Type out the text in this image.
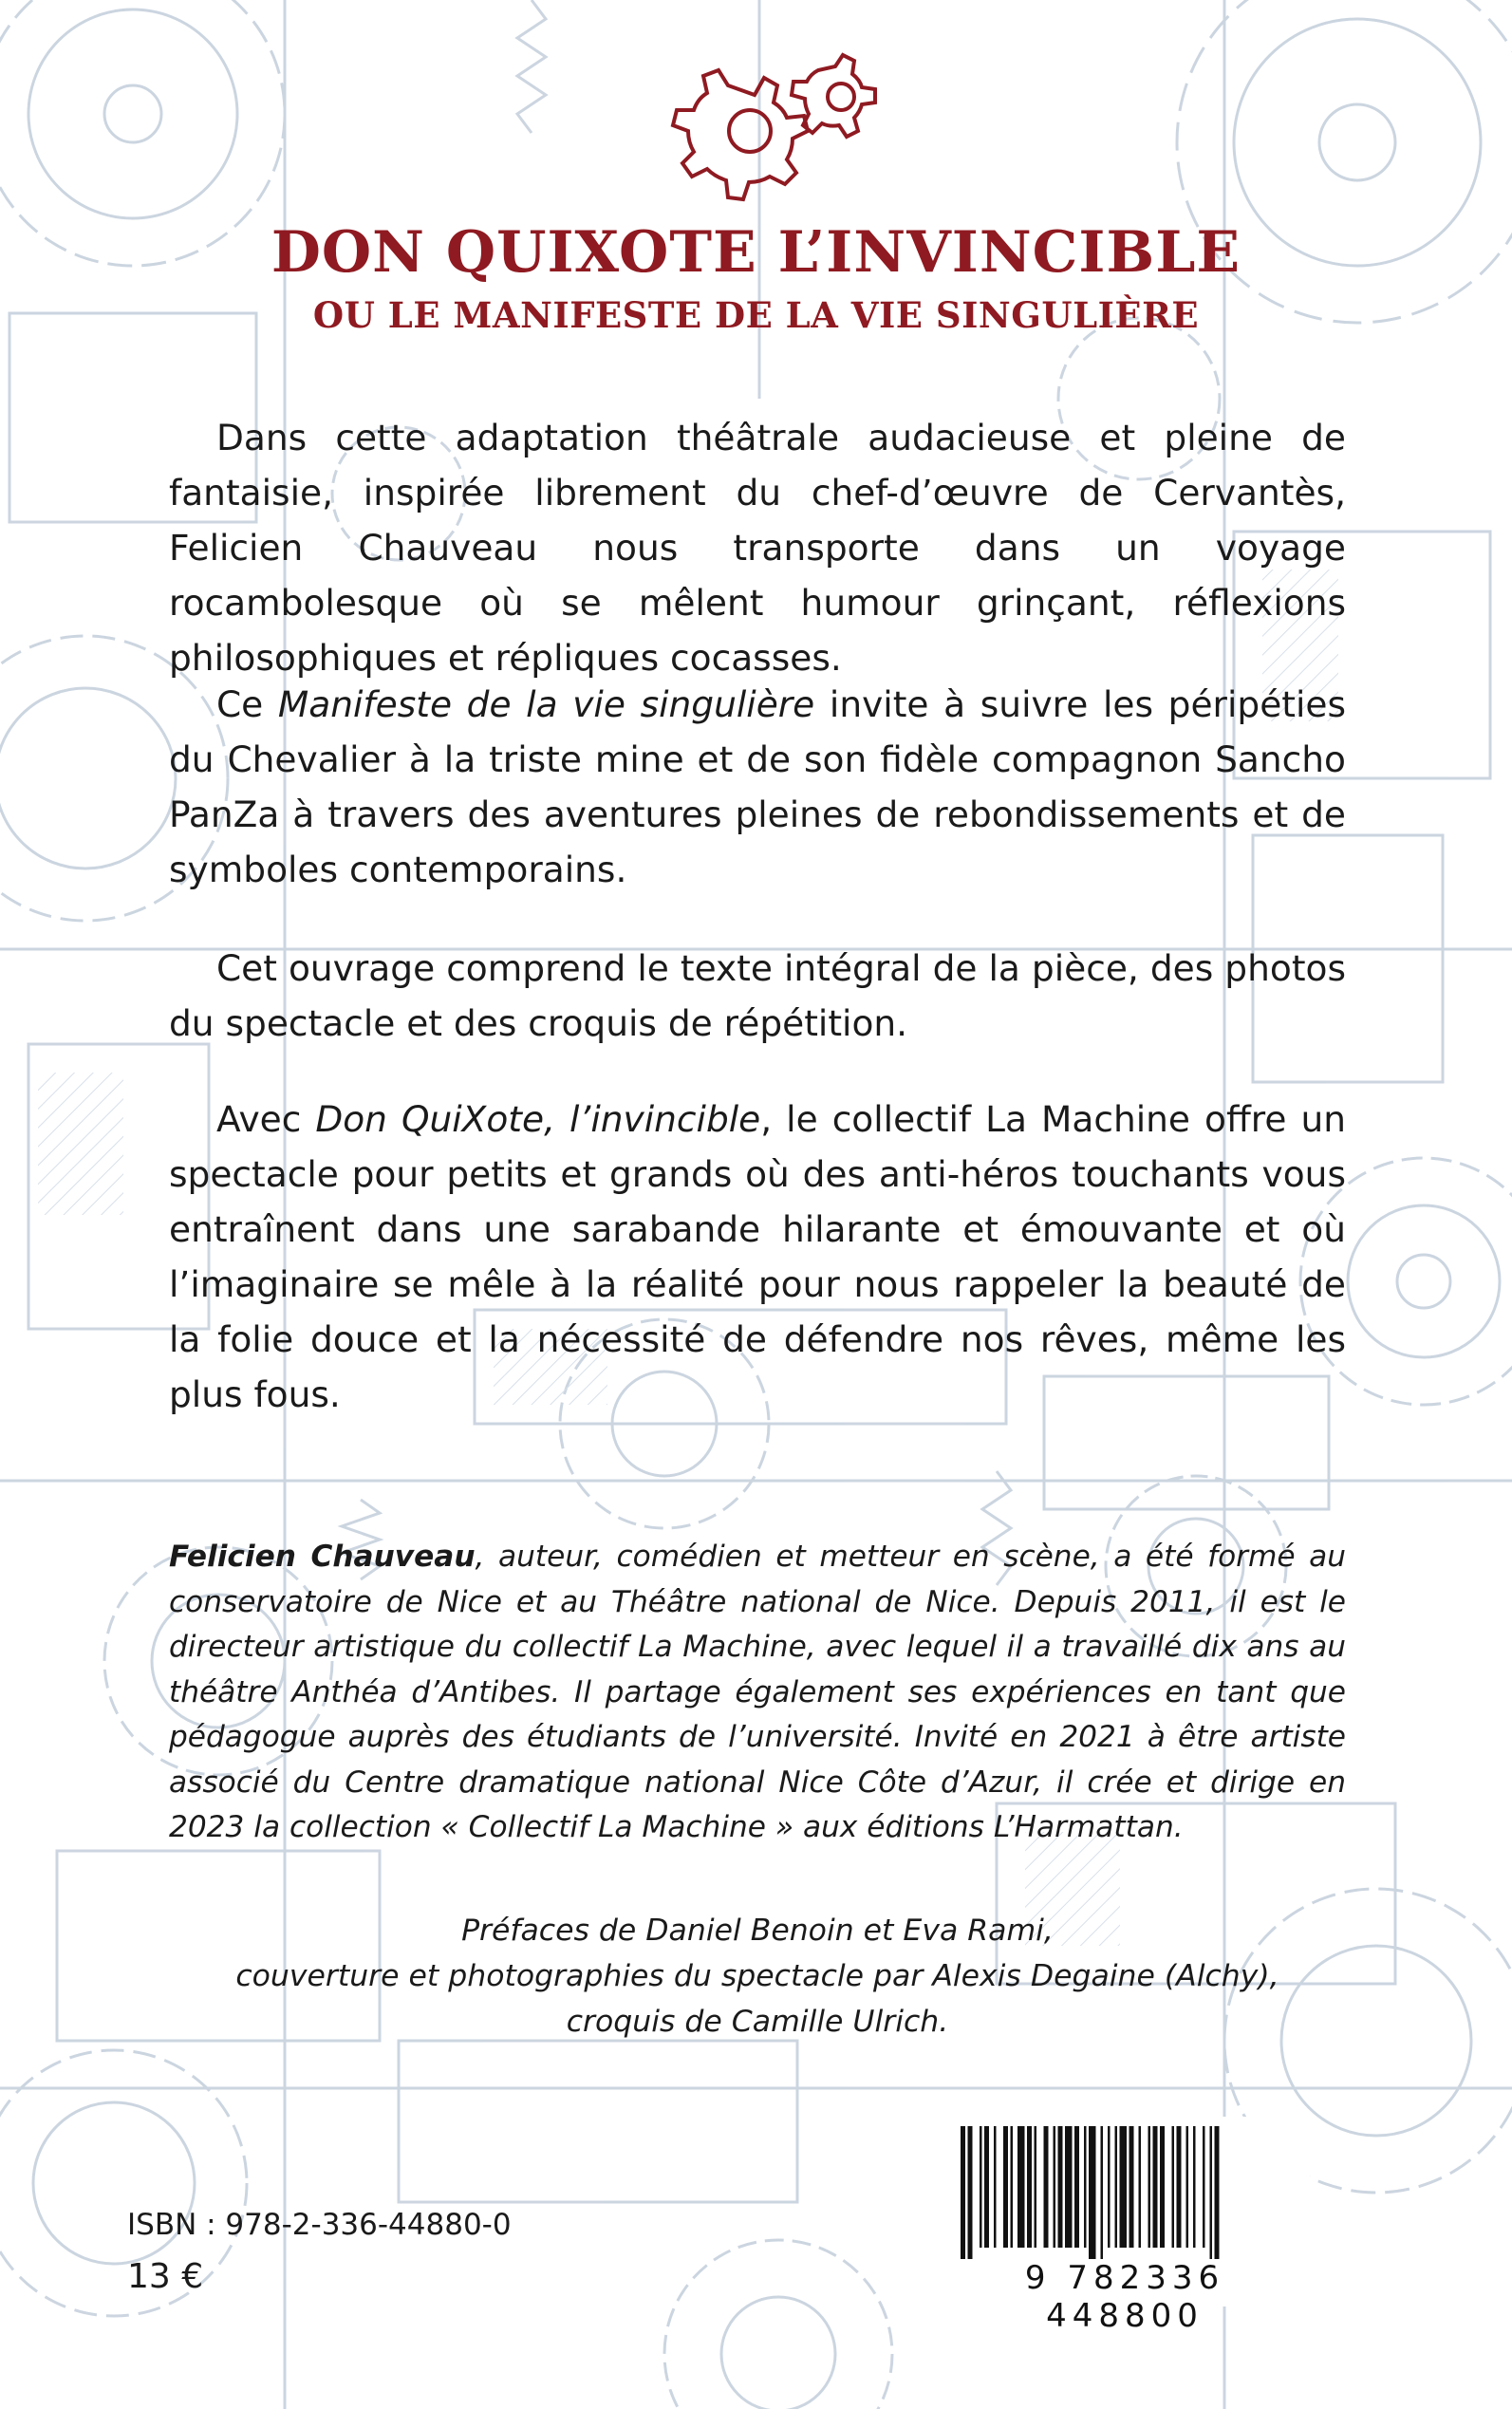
DON QUIXOTE L’INVINCIBLE
OU LE MANIFESTE DE LA VIE SINGULIÈRE

Dans cette adaptation théâtrale audacieuse et pleine de fantaisie, inspirée librement du chef-d’œuvre de Cervantès, Felicien Chauveau nous transporte dans un voyage rocambolesque où se mêlent humour grinçant, réflexions philosophiques et répliques cocasses.

Ce Manifeste de la vie singulière invite à suivre les péripéties du Chevalier à la triste mine et de son fidèle compagnon Sancho PanZa à travers des aventures pleines de rebondissements et de symboles contemporains.

Cet ouvrage comprend le texte intégral de la pièce, des photos du spectacle et des croquis de répétition.

Avec Don QuiXote, l’invincible, le collectif La Machine offre un spectacle pour petits et grands où des anti-héros touchants vous entraînent dans une sarabande hilarante et émouvante et où l’imaginaire se mêle à la réalité pour nous rappeler la beauté de la folie douce et la nécessité de défendre nos rêves, même les plus fous.

Felicien Chauveau, auteur, comédien et metteur en scène, a été formé au conservatoire de Nice et au Théâtre national de Nice. Depuis 2011, il est le directeur artistique du collectif La Machine, avec lequel il a travaillé dix ans au théâtre Anthéa d’Antibes. Il partage également ses expériences en tant que pédagogue auprès des étudiants de l’université. Invité en 2021 à être artiste associé du Centre dramatique national Nice Côte d’Azur, il crée et dirige en 2023 la collection « Collectif La Machine » aux éditions L’Harmattan.

Préfaces de Daniel Benoin et Eva Rami,
couverture et photographies du spectacle par Alexis Degaine (Alchy),
croquis de Camille Ulrich.
ISBN : 978-2-336-44880-0
13 €	9 782336 448800
